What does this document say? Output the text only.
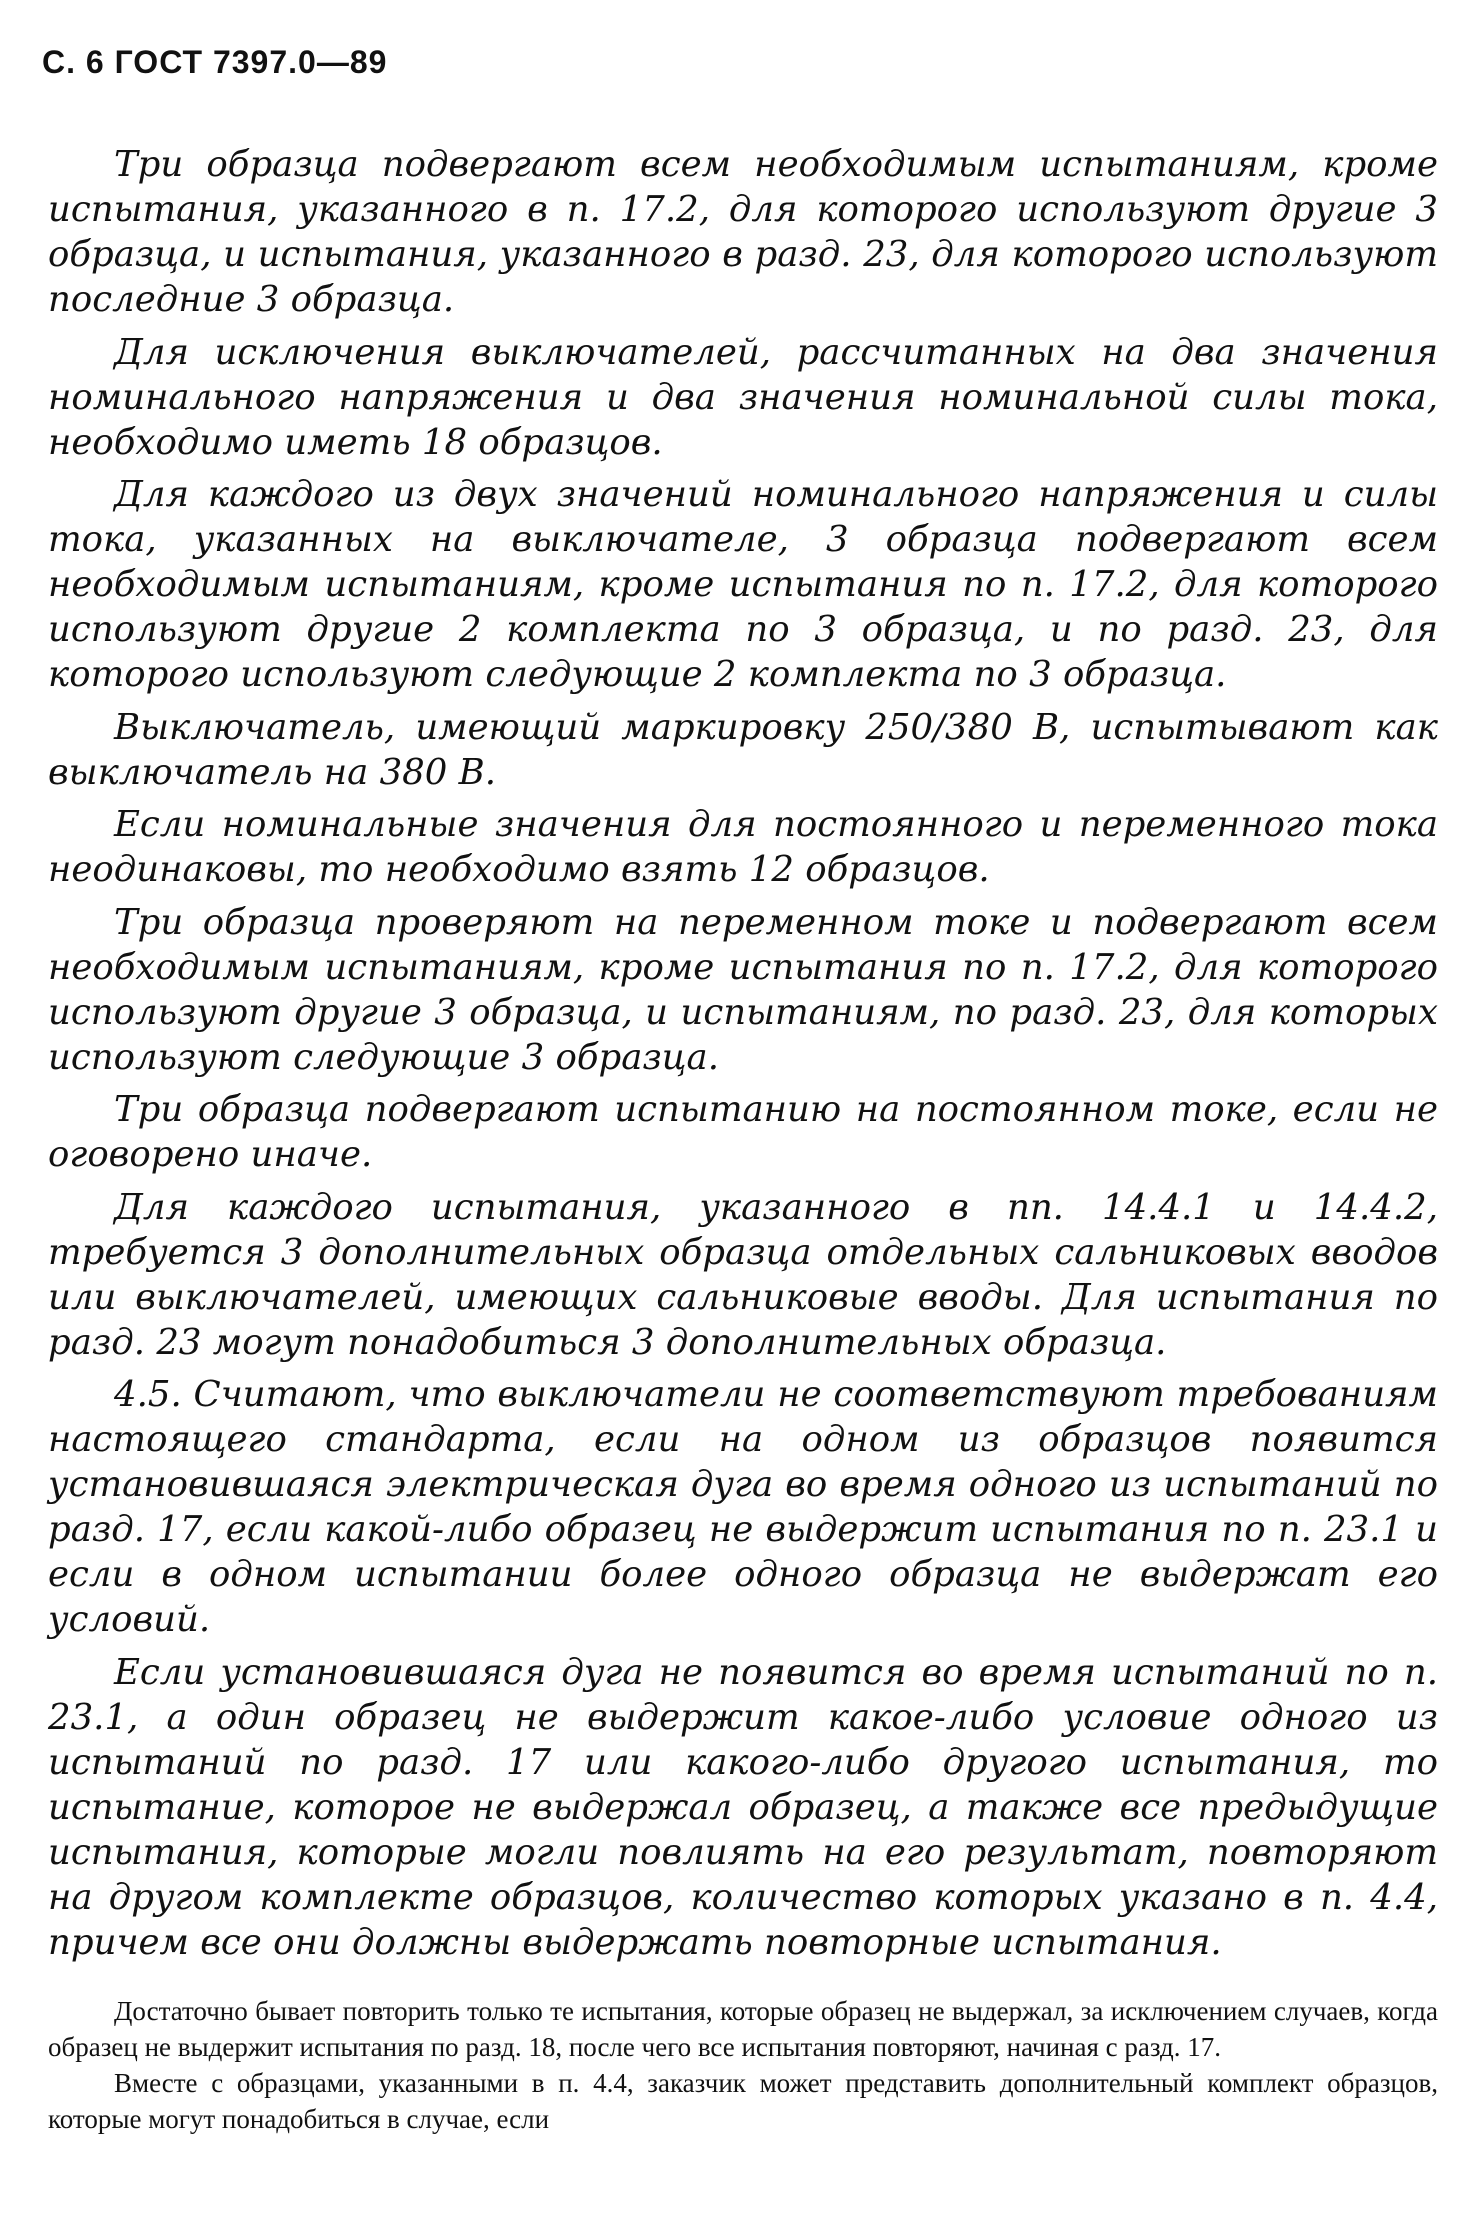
С. 6 ГОСТ 7397.0—89

Три образца подвергают всем необходимым испытаниям, кроме испытания, указанного в п. 17.2, для которого используют другие 3 образца, и испытания, указанного в разд. 23, для которого используют последние 3 образца.

Для исключения выключателей, рассчитанных на два значения номинального напряжения и два значения номинальной силы тока, необходимо иметь 18 образцов.

Для каждого из двух значений номинального напряжения и силы тока, указанных на выключателе, 3 образца подвергают всем необходимым испытаниям, кроме испытания по п. 17.2, для которого используют другие 2 комплекта по 3 образца, и по разд. 23, для которого используют следующие 2 комплекта по 3 образца.

Выключатель, имеющий маркировку 250/380 В, испытывают как выключатель на 380 В.

Если номинальные значения для постоянного и переменного тока неодинаковы, то необходимо взять 12 образцов.

Три образца проверяют на переменном токе и подвергают всем необходимым испытаниям, кроме испытания по п. 17.2, для которого используют другие 3 образца, и испытаниям, по разд. 23, для которых используют следующие 3 образца.

Три образца подвергают испытанию на постоянном токе, если не оговорено иначе.

Для каждого испытания, указанного в пп. 14.4.1 и 14.4.2, требуется 3 дополнительных образца отдельных сальниковых вводов или выключателей, имеющих сальниковые вводы. Для испытания по разд. 23 могут понадобиться 3 дополнительных образца.

4.5. Считают, что выключатели не соответствуют требованиям настоящего стандарта, если на одном из образцов появится установившаяся электрическая дуга во время одного из испытаний по разд. 17, если какой-либо образец не выдержит испытания по п. 23.1 и если в одном испытании более одного образца не выдержат его условий.

Если установившаяся дуга не появится во время испытаний по п. 23.1, а один образец не выдержит какое-либо условие одного из испытаний по разд. 17 или какого-либо другого испытания, то испытание, которое не выдержал образец, а также все предыдущие испытания, которые могли повлиять на его результат, повторяют на другом комплекте образцов, количество которых указано в п. 4.4, причем все они должны выдержать повторные испытания.

Достаточно бывает повторить только те испытания, которые образец не выдержал, за исключением случаев, когда образец не выдержит испытания по разд. 18, после чего все испытания повторяют, начиная с разд. 17.

Вместе с образцами, указанными в п. 4.4, заказчик может представить дополнительный комплект образцов, которые могут понадобиться в случае, если
